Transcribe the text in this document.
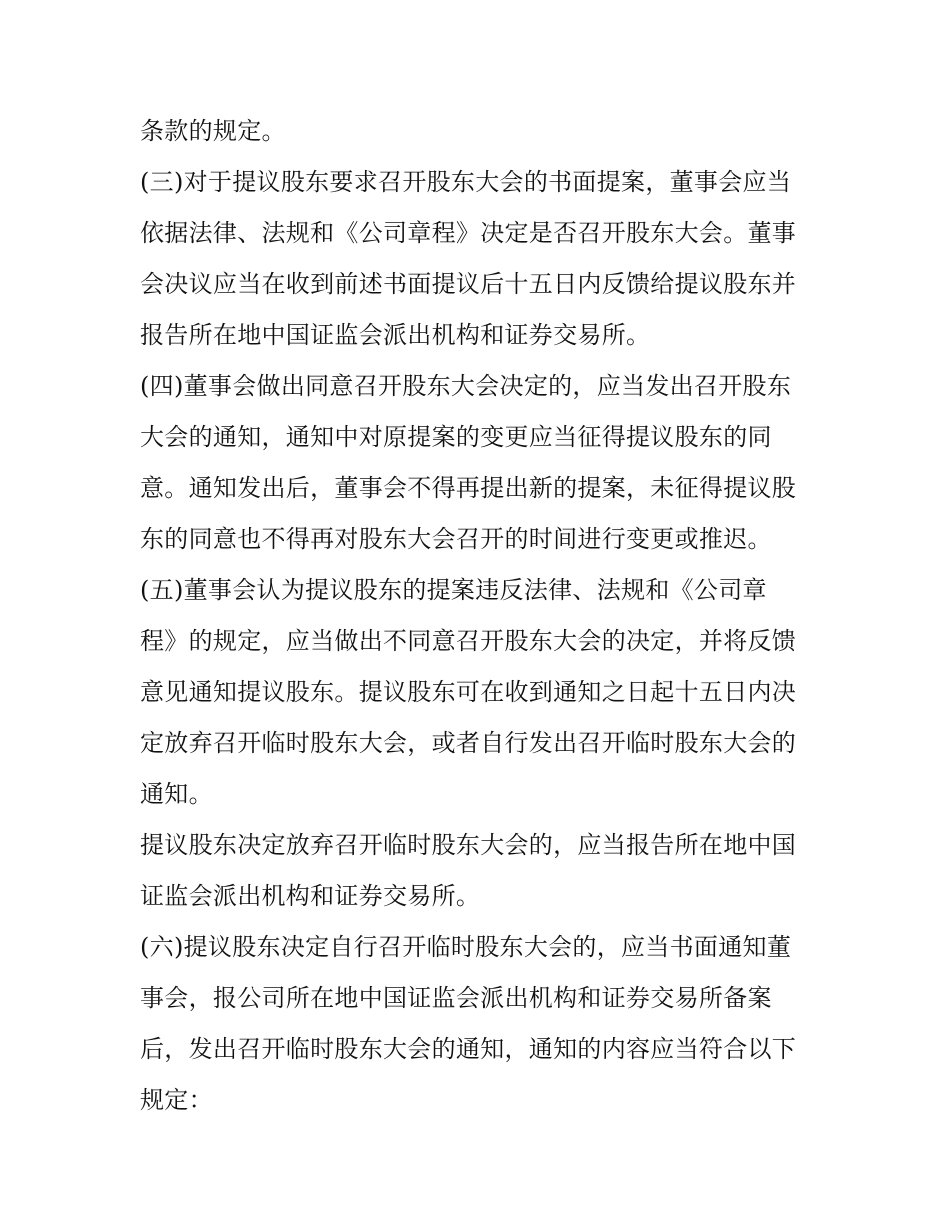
条款的规定。
(三)对于提议股东要求召开股东大会的书面提案，董事会应当
依据法律、法规和《公司章程》决定是否召开股东大会。董事
会决议应当在收到前述书面提议后十五日内反馈给提议股东并
报告所在地中国证监会派出机构和证券交易所。
(四)董事会做出同意召开股东大会决定的，应当发出召开股东
大会的通知，通知中对原提案的变更应当征得提议股东的同
意。通知发出后，董事会不得再提出新的提案，未征得提议股
东的同意也不得再对股东大会召开的时间进行变更或推迟。
(五)董事会认为提议股东的提案违反法律、法规和《公司章
程》的规定，应当做出不同意召开股东大会的决定，并将反馈
意见通知提议股东。提议股东可在收到通知之日起十五日内决
定放弃召开临时股东大会，或者自行发出召开临时股东大会的
通知。
提议股东决定放弃召开临时股东大会的，应当报告所在地中国
证监会派出机构和证券交易所。
(六)提议股东决定自行召开临时股东大会的，应当书面通知董
事会，报公司所在地中国证监会派出机构和证券交易所备案
后，发出召开临时股东大会的通知，通知的内容应当符合以下
规定：
